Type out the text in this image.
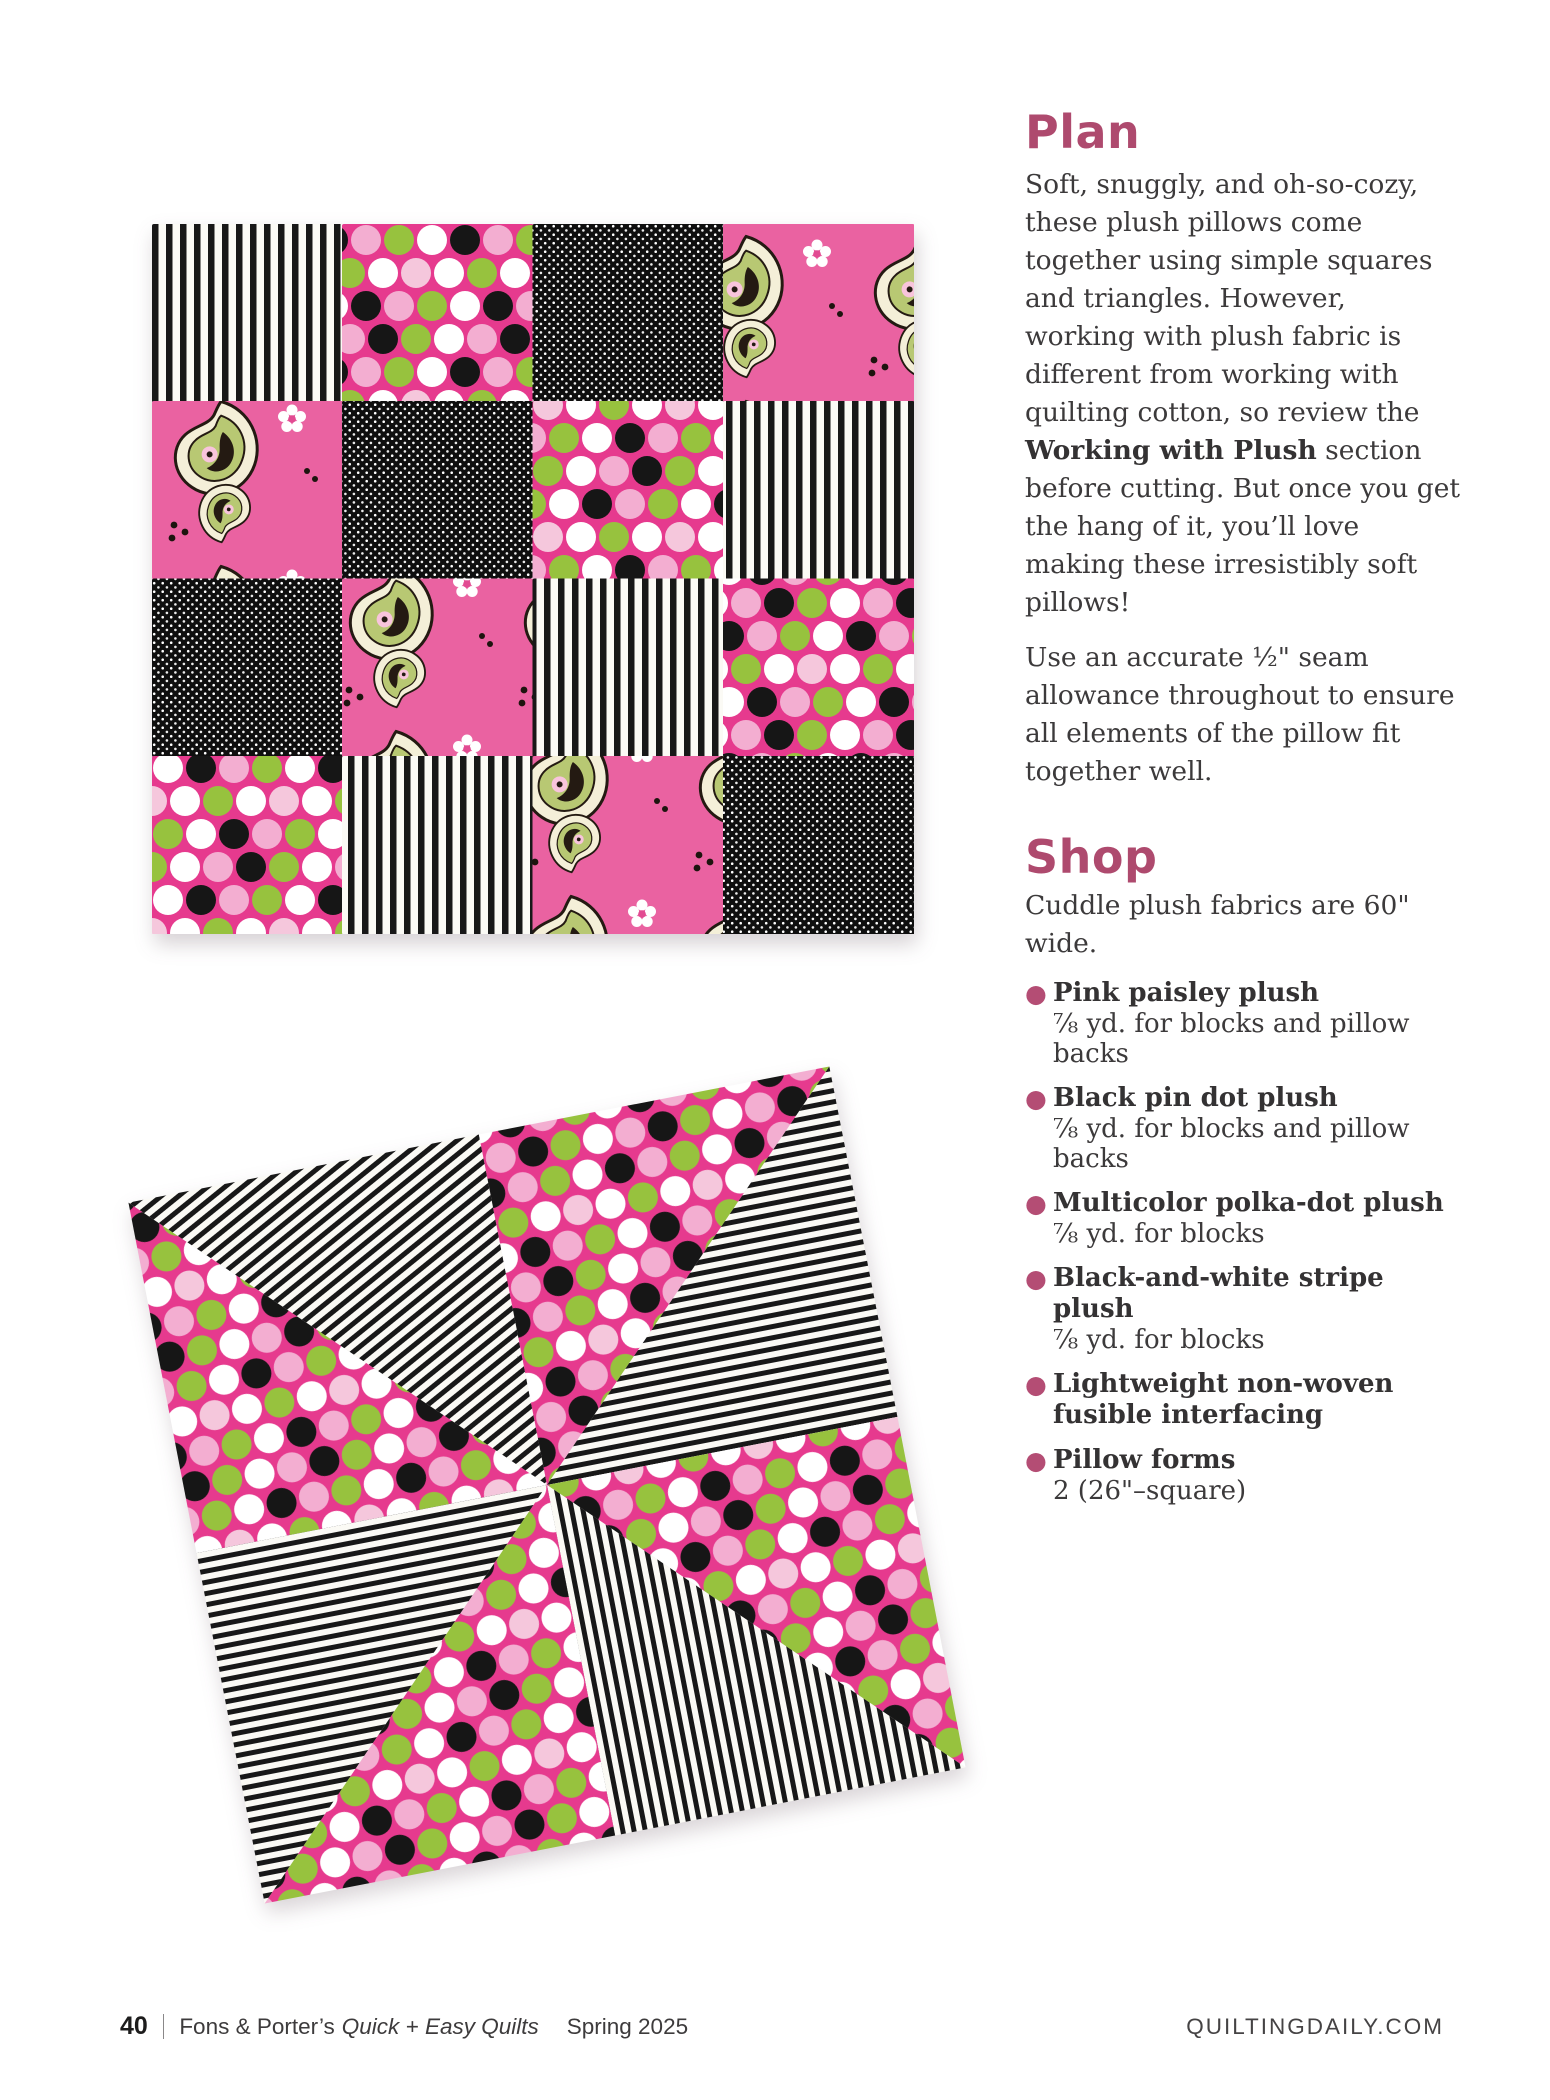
Plan

Soft, snuggly, and oh-so-cozy, these plush pillows come together using simple squares and triangles. However, working with plush fabric is different from working with quilting cotton, so review the Working with Plush section before cutting. But once you get the hang of it, you’ll love making these irresistibly soft pillows!

Use an accurate ½" seam allowance throughout to ensure all elements of the pillow fit together well.

Shop

Cuddle plush fabrics are 60" wide.

● Pink paisley plush
⅞ yd. for blocks and pillow backs
● Black pin dot plush
⅞ yd. for blocks and pillow backs
● Multicolor polka-dot plush
⅞ yd. for blocks
● Black-and-white stripe plush
⅞ yd. for blocks
● Lightweight non-woven fusible interfacing
● Pillow forms
2 (26"–square)
40 Fons & Porter’s Quick + Easy Quilts Spring 2025	QUILTINGDAILY.COM
